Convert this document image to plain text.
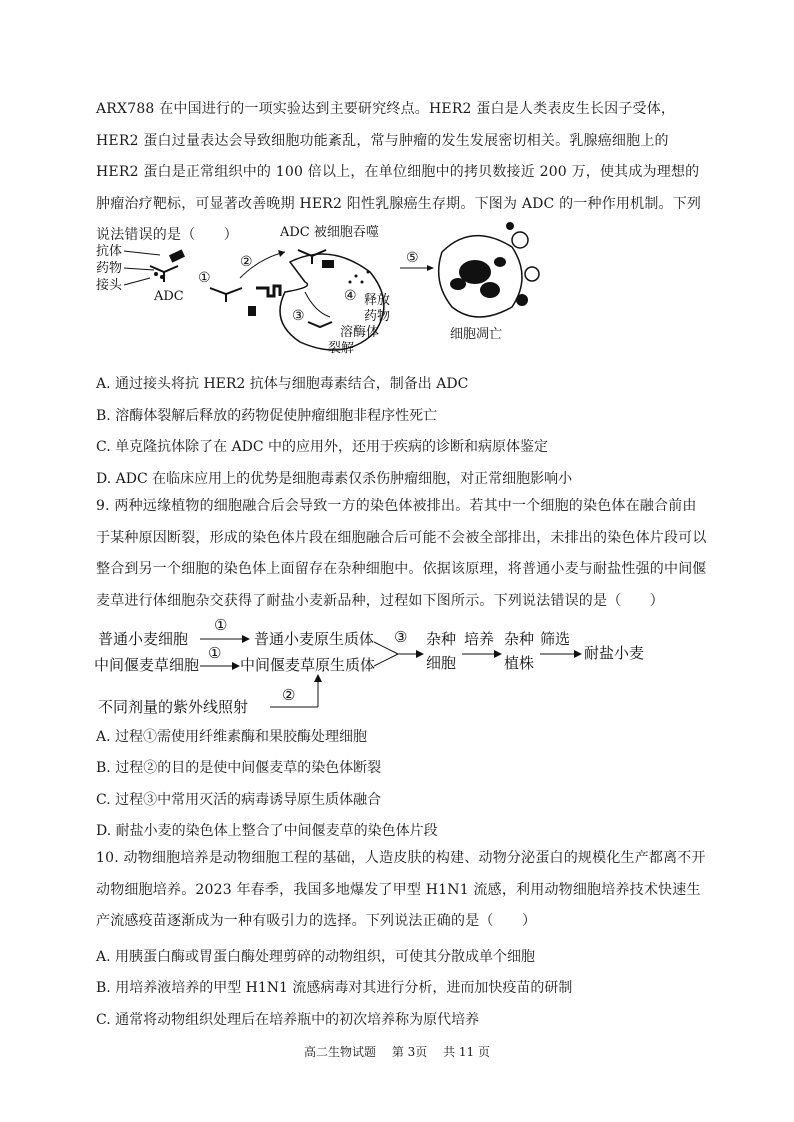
ARX788 在中国进行的一项实验达到主要研究终点。HER2 蛋白是人类表皮生长因子受体，HER2 蛋白过量表达会导致细胞功能紊乱，常与肿瘤的发生发展密切相关。乳腺癌细胞上的 HER2 蛋白是正常组织中的 100 倍以上，在单位细胞中的拷贝数接近 200 万，使其成为理想的肿瘤治疗靶标，可显著改善晚期 HER2 阳性乳腺癌生存期。下图为 ADC 的一种作用机制。下列说法错误的是（　　）
抗体
药物
接头
ADC
①
②
ADC 被细胞吞噬
③
④ 释放
药物
溶酶体
裂解
⑤
细胞凋亡
A. 通过接头将抗 HER2 抗体与细胞毒素结合，制备出 ADC
B. 溶酶体裂解后释放的药物促使肿瘤细胞非程序性死亡
C. 单克隆抗体除了在 ADC 中的应用外，还用于疾病的诊断和病原体鉴定
D. ADC 在临床应用上的优势是细胞毒素仅杀伤肿瘤细胞，对正常细胞影响小
9. 两种远缘植物的细胞融合后会导致一方的染色体被排出。若其中一个细胞的染色体在融合前由于某种原因断裂，形成的染色体片段在细胞融合后可能不会被全部排出，未排出的染色体片段可以整合到另一个细胞的染色体上面留存在杂种细胞中。依据该原理，将普通小麦与耐盐性强的中间偃麦草进行体细胞杂交获得了耐盐小麦新品种，过程如下图所示。下列说法错误的是（　　）
普通小麦细胞
中间偃麦草细胞
①
①
普通小麦原生质体
中间偃麦草原生质体
③ 杂种
细胞
培养 杂种
植株
筛选
耐盐小麦
不同剂量的紫外线照射
②
A. 过程①需使用纤维素酶和果胶酶处理细胞
B. 过程②的目的是使中间偃麦草的染色体断裂
C. 过程③中常用灭活的病毒诱导原生质体融合
D. 耐盐小麦的染色体上整合了中间偃麦草的染色体片段
10. 动物细胞培养是动物细胞工程的基础，人造皮肤的构建、动物分泌蛋白的规模化生产都离不开动物细胞培养。2023 年春季，我国多地爆发了甲型 H1N1 流感，利用动物细胞培养技术快速生产流感疫苗逐渐成为一种有吸引力的选择。下列说法正确的是（　　）
A. 用胰蛋白酶或胃蛋白酶处理剪碎的动物组织，可使其分散成单个细胞
B. 用培养液培养的甲型 H1N1 流感病毒对其进行分析，进而加快疫苗的研制
C. 通常将动物组织处理后在培养瓶中的初次培养称为原代培养
高二生物试题 第 3页 共 11 页
